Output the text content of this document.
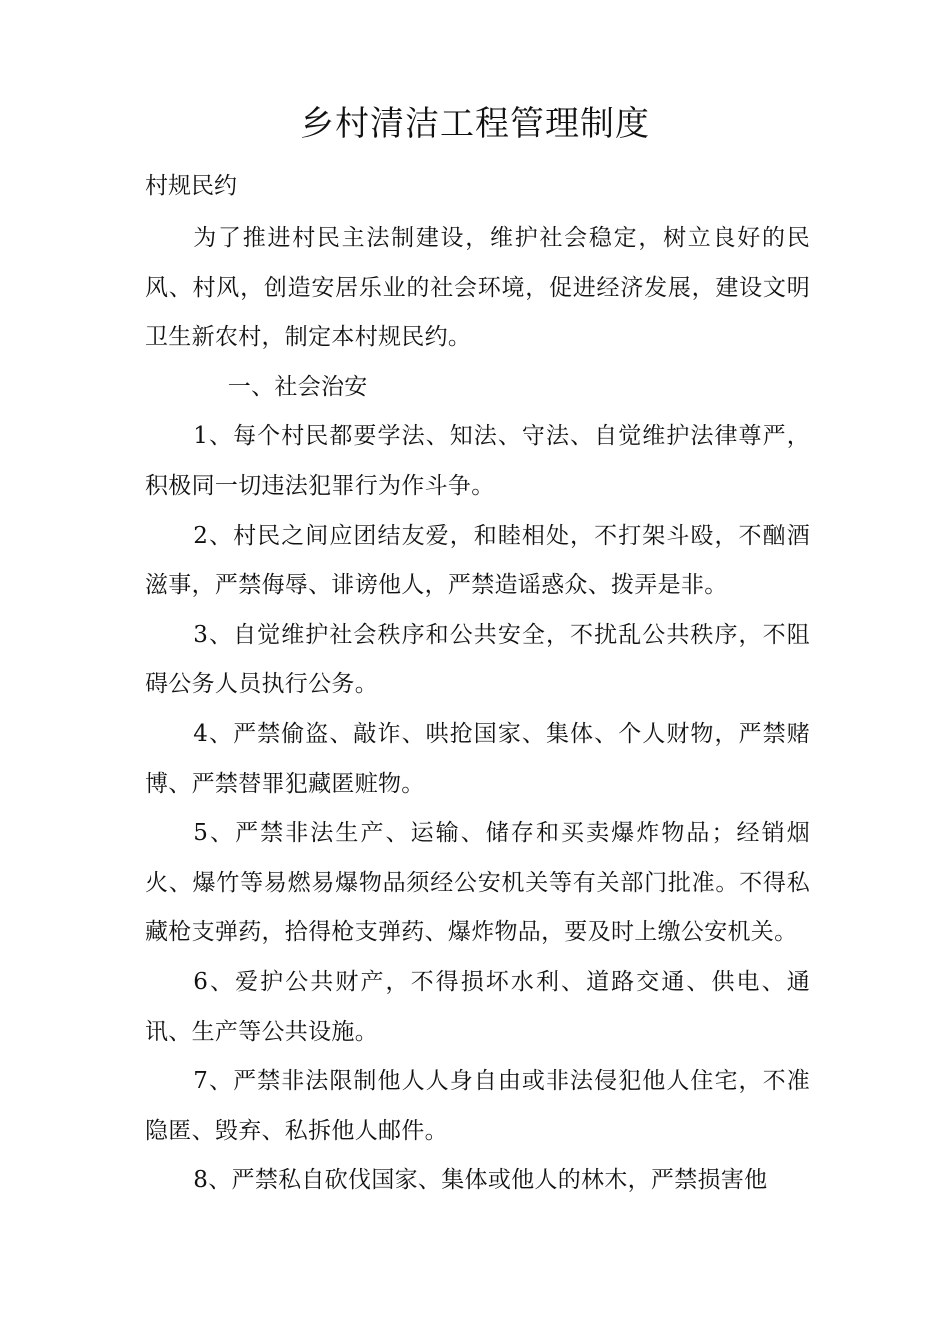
乡村清洁工程管理制度
村规民约

为了推进村民主法制建设，维护社会稳定，树立良好的民风、村风，创造安居乐业的社会环境，促进经济发展，建设文明卫生新农村，制定本村规民约。

一、社会治安

1、每个村民都要学法、知法、守法、自觉维护法律尊严，积极同一切违法犯罪行为作斗争。

2、村民之间应团结友爱，和睦相处，不打架斗殴，不酗酒滋事，严禁侮辱、诽谤他人，严禁造谣惑众、拨弄是非。

3、自觉维护社会秩序和公共安全，不扰乱公共秩序，不阻碍公务人员执行公务。

4、严禁偷盗、敲诈、哄抢国家、集体、个人财物，严禁赌博、严禁替罪犯藏匿赃物。

5、严禁非法生产、运输、储存和买卖爆炸物品；经销烟火、爆竹等易燃易爆物品须经公安机关等有关部门批准。不得私藏枪支弹药，拾得枪支弹药、爆炸物品，要及时上缴公安机关。

6、爱护公共财产，不得损坏水利、道路交通、供电、通讯、生产等公共设施。

7、严禁非法限制他人人身自由或非法侵犯他人住宅，不准隐匿、毁弃、私拆他人邮件。

8、严禁私自砍伐国家、集体或他人的林木，严禁损害他
